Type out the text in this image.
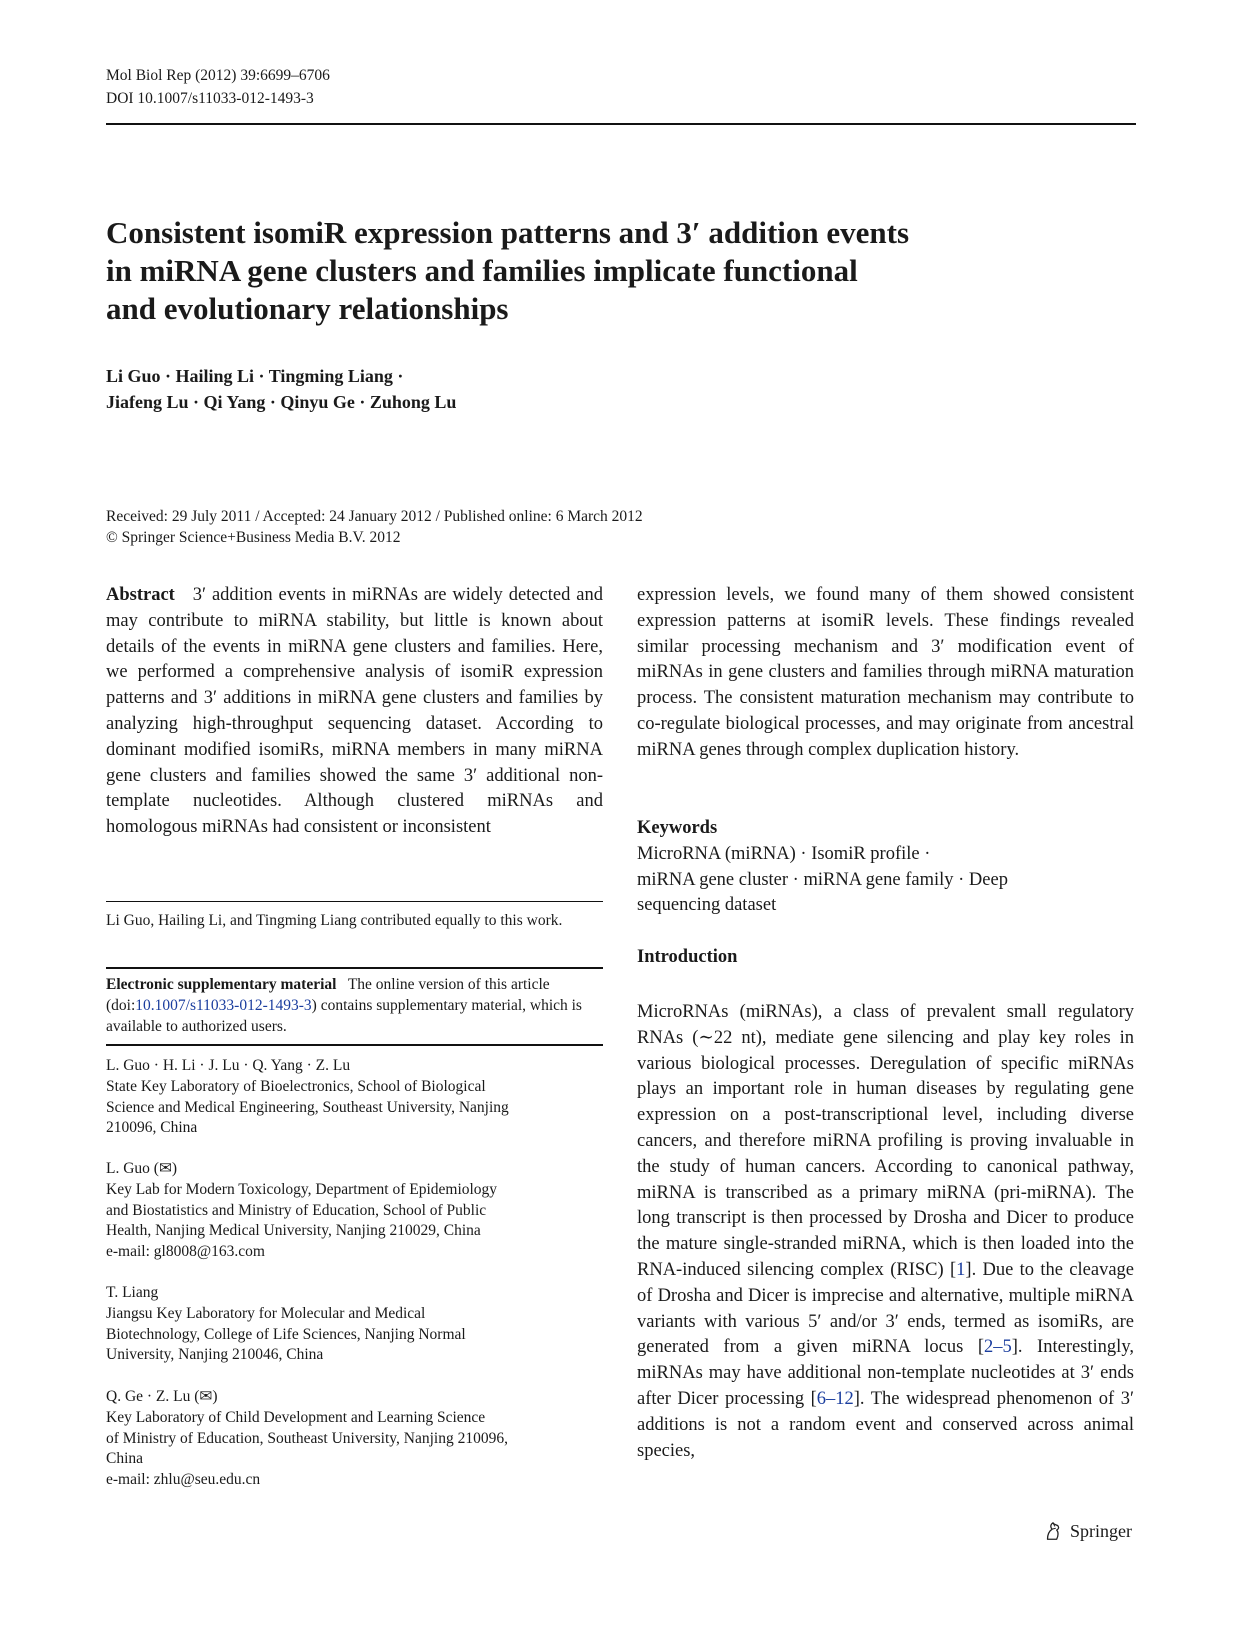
Mol Biol Rep (2012) 39:6699–6706
DOI 10.1007/s11033-012-1493-3
Consistent isomiR expression patterns and 3′ addition events
in miRNA gene clusters and families implicate functional
and evolutionary relationships
Li Guo · Hailing Li · Tingming Liang ·
Jiafeng Lu · Qi Yang · Qinyu Ge · Zuhong Lu
Received: 29 July 2011 / Accepted: 24 January 2012 / Published online: 6 March 2012
© Springer Science+Business Media B.V. 2012

Abstract 3′ addition events in miRNAs are widely detected and may contribute to miRNA stability, but little is known about details of the events in miRNA gene clusters and families. Here, we performed a comprehensive analysis of isomiR expression patterns and 3′ additions in miRNA gene clusters and families by analyzing high-throughput sequencing dataset. According to dominant modified isomiRs, miRNA members in many miRNA gene clusters and families showed the same 3′ additional non-template nucleotides. Although clustered miRNAs and homologous miRNAs had consistent or inconsistent

Li Guo, Hailing Li, and Tingming Liang contributed equally to this work.
Electronic supplementary material The online version of this article (doi:10.1007/s11033-012-1493-3) contains supplementary material, which is available to authorized users.
L. Guo · H. Li · J. Lu · Q. Yang · Z. Lu
State Key Laboratory of Bioelectronics, School of Biological
Science and Medical Engineering, Southeast University, Nanjing
210096, China
L. Guo (✉)
Key Lab for Modern Toxicology, Department of Epidemiology
and Biostatistics and Ministry of Education, School of Public
Health, Nanjing Medical University, Nanjing 210029, China
e-mail: gl8008@163.com
T. Liang
Jiangsu Key Laboratory for Molecular and Medical
Biotechnology, College of Life Sciences, Nanjing Normal
University, Nanjing 210046, China
Q. Ge · Z. Lu (✉)
Key Laboratory of Child Development and Learning Science
of Ministry of Education, Southeast University, Nanjing 210096,
China
e-mail: zhlu@seu.edu.cn

expression levels, we found many of them showed consistent expression patterns at isomiR levels. These findings revealed similar processing mechanism and 3′ modification event of miRNAs in gene clusters and families through miRNA maturation process. The consistent maturation mechanism may contribute to co-regulate biological processes, and may originate from ancestral miRNA genes through complex duplication history.

Keywords
MicroRNA (miRNA) · IsomiR profile ·
miRNA gene cluster · miRNA gene family · Deep
sequencing dataset
Introduction

MicroRNAs (miRNAs), a class of prevalent small regulatory RNAs (∼22 nt), mediate gene silencing and play key roles in various biological processes. Deregulation of specific miRNAs plays an important role in human diseases by regulating gene expression on a post-transcriptional level, including diverse cancers, and therefore miRNA profiling is proving invaluable in the study of human cancers. According to canonical pathway, miRNA is transcribed as a primary miRNA (pri-miRNA). The long transcript is then processed by Drosha and Dicer to produce the mature single-stranded miRNA, which is then loaded into the RNA-induced silencing complex (RISC) [1]. Due to the cleavage of Drosha and Dicer is imprecise and alternative, multiple miRNA variants with various 5′ and/or 3′ ends, termed as isomiRs, are generated from a given miRNA locus [2–5]. Interestingly, miRNAs may have additional non-template nucleotides at 3′ ends after Dicer processing [6–12]. The widespread phenomenon of 3′ additions is not a random event and conserved across animal species,

Springer
